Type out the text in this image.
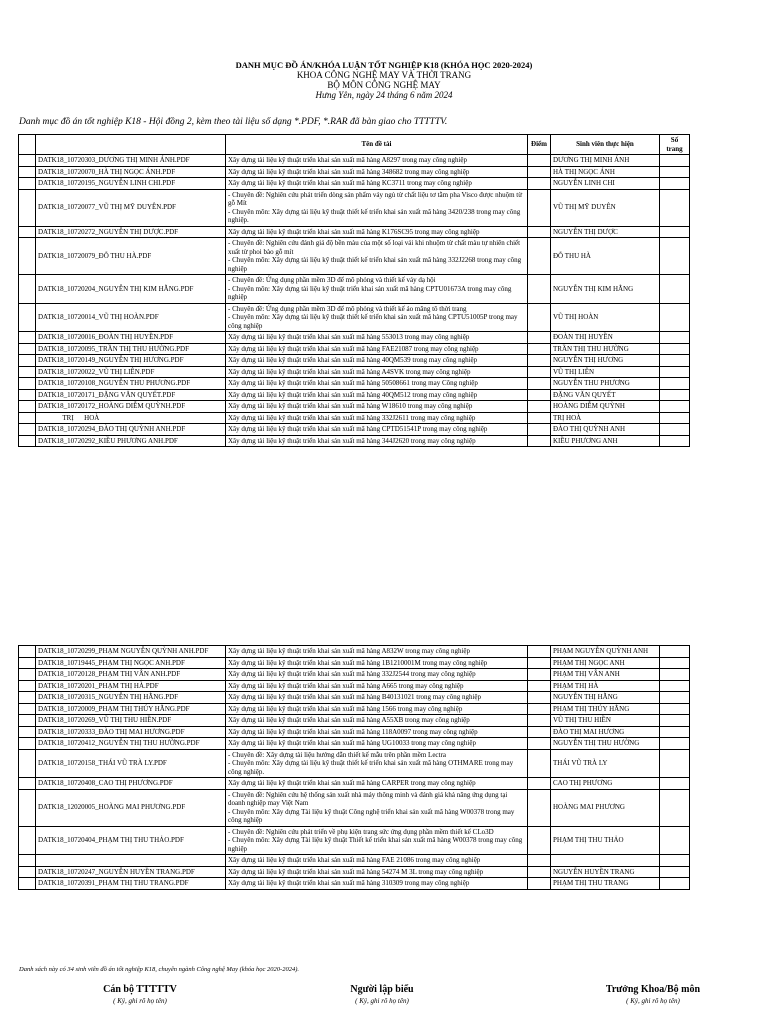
DANH MỤC ĐỒ ÁN/KHÓA LUẬN TỐT NGHIỆP K18 (KHÓA HỌC 2020-2024)
KHOA CÔNG NGHỆ MAY VÀ THỜI TRANG
BỘ MÔN CÔNG NGHỆ MAY
Hưng Yên, ngày 24 tháng 6 năm 2024
Danh mục đồ án tốt nghiệp K18 - Hội đồng 2, kèm theo tài liệu số dạng *.PDF, *.RAR đã bàn giao cho TTTTTV.
		Tên đề tài	Điểm	Sinh viên thực hiện	Số trang
	DATK18_10720303_DƯƠNG THỊ MINH ÁNH.PDF	Xây dựng tài liệu kỹ thuật triển khai sản xuất mã hàng A8297 trong may công nghiệp		DƯƠNG THỊ MINH ÁNH	
	DATK18_10720070_HÀ THỊ NGỌC ÁNH.PDF	Xây dựng tài liệu kỹ thuật triển khai sản xuất mã hàng 348682 trong may công nghiệp		HÀ THỊ NGỌC ÁNH	
	DATK18_10720195_NGUYỄN LINH CHI.PDF	Xây dựng tài liệu kỹ thuật triển khai sản xuất mã hàng KC3711 trong may công nghiệp		NGUYỄN LINH CHI	
	DATK18_10720077_VŨ THỊ MỸ DUYÊN.PDF	- Chuyên đề: Nghiên cứu phát triển dòng sản phẩm váy ngủ từ chất liệu tơ tằm pha Visco được nhuộm từ gỗ Mít
- Chuyên môn: Xây dựng tài liệu kỹ thuật thiết kế triển khai sản xuất mã hàng 3420/238 trong may công nghiệp.		VŨ THỊ MỸ DUYÊN	
	DATK18_10720272_NGUYỄN THỊ DƯỢC.PDF	Xây dựng tài liệu kỹ thuật triển khai sản xuất mã hàng K176SC95 trong may công nghiệp		NGUYỄN THỊ DƯỢC	
	DATK18_10720079_ĐỖ THU HÀ.PDF	- Chuyên đề: Nghiên cứu đánh giá độ bền màu của một số loại vải khi nhuộm từ chất màu tự nhiên chiết xuất từ phoi bào gỗ mít
- Chuyên môn: Xây dựng tài liệu kỹ thuật thiết kế triển khai sản xuất mã hàng 332J2268 trong may công nghiệp		ĐỖ THU HÀ	
	DATK18_10720204_NGUYỄN THỊ KIM HẰNG.PDF	- Chuyên đề: Ứng dụng phần mềm 3D để mô phỏng và thiết kế váy dạ hội
- Chuyên môn: Xây dựng tài liệu kỹ thuật triển khai sản xuất mã hàng CPTU01673A trong may công nghiệp		NGUYỄN THỊ KIM HẰNG	
	DATK18_10720014_VŨ THỊ HOÀN.PDF	- Chuyên đề: Ứng dụng phần mềm 3D để mô phỏng và thiết kế áo măng tô thời trang
- Chuyên môn: Xây dựng tài liệu kỹ thuật thiết kế triển khai sản xuất mã hàng CPTU51005P trong may công nghiệp		VŨ THỊ HOÀN	
	DATK18_10720016_ĐOÀN THỊ HUYỀN.PDF	Xây dựng tài liệu kỹ thuật triển khai sản xuất mã hàng 553013 trong may công nghiệp		ĐOÀN THỊ HUYỀN	
	DATK18_10720095_TRẦN THỊ THU HƯỜNG.PDF	Xây dựng tài liệu kỹ thuật triển khai sản xuất mã hàng FAE21087 trong may công nghiệp		TRẦN THỊ THU HƯỜNG	
	DATK18_10720149_NGUYỄN THỊ HƯƠNG.PDF	Xây dựng tài liệu kỹ thuật triển khai sản xuất mã hàng 40QM539 trong may công nghiệp		NGUYỄN THỊ HƯƠNG	
	DATK18_10720022_VŨ THỊ LIÊN.PDF	Xây dựng tài liệu kỹ thuật triển khai sản xuất mã hàng A4SVK trong may công nghiệp		VŨ THỊ LIÊN	
	DATK18_10720108_NGUYỄN THU PHƯƠNG.PDF	Xây dựng tài liệu kỹ thuật triển khai sản xuất mã hàng 50508661 trong may Công nghiệp		NGUYỄN THU PHƯƠNG	
	DATK18_10720171_ĐẶNG VĂN QUYẾT.PDF	Xây dựng tài liệu kỹ thuật triển khai sản xuất mã hàng 40QM512 trong may công nghiệp		ĐẶNG VĂN QUYẾT	
	DATK18_10720172_HOÀNG DIỄM QUỲNH.PDF	Xây dựng tài liệu kỹ thuật triển khai sản xuất mã hàng W18610 trong may công nghiệp		HOÀNG DIỄM QUỲNH	
	TRỊ      HOÀ	Xây dựng tài liệu kỹ thuật triển khai sản xuất mã hàng 332J2611 trong may công nghiệp		TRỊ HOÀ	
	DATK18_10720294_ĐÀO THỊ QUỲNH ANH.PDF	Xây dựng tài liệu kỹ thuật triển khai sản xuất mã hàng CPTD51541P trong may công nghiệp		ĐÀO THỊ QUỲNH ANH	
	DATK18_10720292_KIỀU PHƯƠNG ANH.PDF	Xây dựng tài liệu kỹ thuật triển khai sản xuất mã hàng 344J2620 trong may công nghiệp		KIỀU PHƯƠNG ANH	
	DATK18_10720299_PHẠM NGUYỄN QUỲNH ANH.PDF	Xây dựng tài liệu kỹ thuật triển khai sản xuất mã hàng A832W trong may công nghiệp		PHẠM NGUYỄN QUỲNH ANH	
	DATK18_10719445_PHẠM THỊ NGỌC ANH.PDF	Xây dựng tài liệu kỹ thuật triển khai sản xuất mã hàng 1B1210001M trong may công nghiệp		PHẠM THỊ NGỌC ANH	
	DATK18_10720128_PHẠM THỊ VÂN ANH.PDF	Xây dựng tài liệu kỹ thuật triển khai sản xuất mã hàng 332J2544 trong may công nghiệp		PHẠM THỊ VÂN ANH	
	DATK18_10720201_PHẠM THỊ HÀ.PDF	Xây dựng tài liệu kỹ thuật triển khai sản xuất mã hàng A665 trong may công nghiệp		PHẠM THỊ HÀ	
	DATK18_10720315_NGUYỄN THỊ HẰNG.PDF	Xây dựng tài liệu kỹ thuật triển khai sản xuất mã hàng B40131021 trong may công nghiệp		NGUYỄN THỊ HẰNG	
	DATK18_10720009_PHẠM THỊ THÚY HẰNG.PDF	Xây dựng tài liệu kỹ thuật triển khai sản xuất mã hàng 1566 trong may công nghiệp		PHẠM THỊ THÚY HẰNG	
	DATK18_10720269_VŨ THỊ THU HIỀN.PDF	Xây dựng tài liệu kỹ thuật triển khai sản xuất mã hàng A55XB trong may công nghiệp		VŨ THỊ THU HIỀN	
	DATK18_10720333_ĐÀO THỊ MAI HƯƠNG.PDF	Xây dựng tài liệu kỹ thuật triển khai sản xuất mã hàng 118A0097 trong may công nghiệp		ĐÀO THỊ MAI HƯƠNG	
	DATK18_10720412_NGUYỄN THỊ THU HƯỜNG.PDF	Xây dựng tài liệu kỹ thuật triển khai sản xuất mã hàng UG10033 trong may công nghiệp		NGUYỄN THỊ THU HƯỜNG	
	DATK18_10720158_THÁI VŨ TRÀ LY.PDF	- Chuyên đề: Xây dựng tài liệu hướng dẫn thiết kế mẫu trên phần mềm Lectra
- Chuyên môn: Xây dựng tài liệu kỹ thuật thiết kế triển khai sản xuất mã hàng OTHMARE trong may công nghiệp.		THÁI VŨ TRÀ LY	
	DATK18_10720408_CAO THỊ PHƯƠNG.PDF	Xây dựng tài liệu kỹ thuật triển khai sản xuất mã hàng CARPER trong may công nghiệp		CAO THỊ PHƯƠNG	
	DATK18_12020005_HOÀNG MAI PHƯƠNG.PDF	- Chuyên đề: Nghiên cứu hệ thống sản xuất nhà máy thông minh và đánh giá khả năng ứng dụng tại doanh nghiệp may Việt Nam
- Chuyên môn: Xây dựng Tài liệu kỹ thuật Công nghệ triển khai sản xuất mã hàng W00378 trong may công nghiệp		HOÀNG MAI PHƯƠNG	
	DATK18_10720404_PHẠM THỊ THU THẢO.PDF	- Chuyên đề: Nghiên cứu phát triển về phụ kiện trang sức ứng dụng phần mềm thiết kế CLo3D
- Chuyên môn: Xây dựng Tài liệu kỹ thuật Thiết kế triển khai sản xuất mã hàng W00378 trong may công nghiệp		PHẠM THỊ THU THẢO	
		Xây dựng tài liệu kỹ thuật triển khai sản xuất mã hàng FAE 21086 trong may công nghiệp			
	DATK18_10720247_NGUYỄN HUYỀN TRANG.PDF	Xây dựng tài liệu kỹ thuật triển khai sản xuất mã hàng 54274 M 3L trong may công nghiệp		NGUYỄN HUYỀN TRANG	
	DATK18_10720391_PHẠM THỊ THU TRANG.PDF	Xây dựng tài liệu kỹ thuật triển khai sản xuất mã hàng 310309 trong may công nghiệp		PHẠM THỊ THU TRANG	
Danh sách này có 34 sinh viên đồ án tốt nghiệp K18, chuyên ngành Công nghệ May (khóa học 2020-2024).
Cán bộ TTTTTV
( Ký, ghi rõ họ tên)
Người lập biểu
( Ký, ghi rõ họ tên)
Trưởng Khoa/Bộ môn
( Ký, ghi rõ họ tên)
